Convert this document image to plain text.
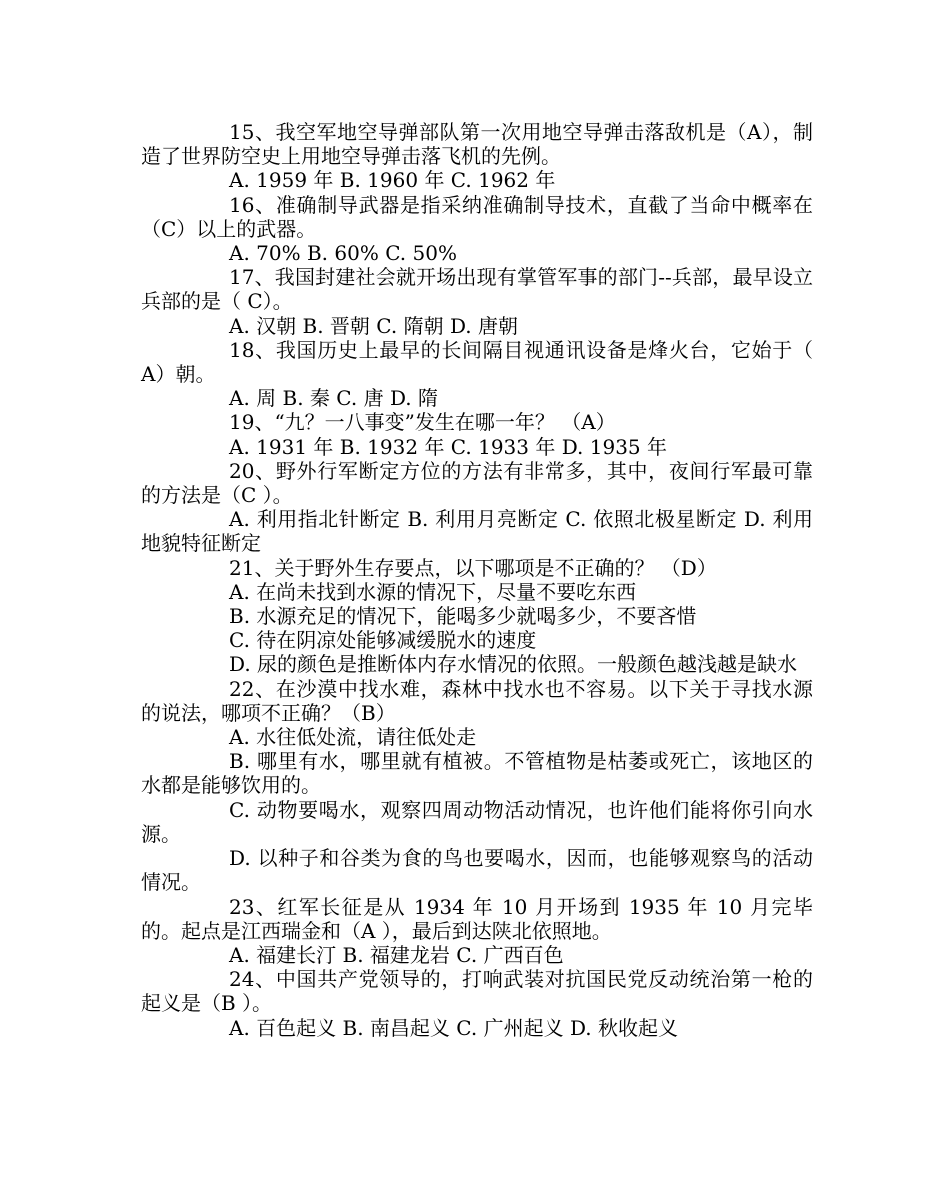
15、我空军地空导弹部队第一次用地空导弹击落敌机是（A），制造了世界防空史上用地空导弹击落飞机的先例。

A. 1959 年 B. 1960 年 C. 1962 年

16、准确制导武器是指采纳准确制导技术，直截了当命中概率在（C）以上的武器。

A. 70% B. 60% C. 50%

17、我国封建社会就开场出现有掌管军事的部门--兵部，最早设立兵部的是（ C）。

A. 汉朝 B. 晋朝 C. 隋朝 D. 唐朝

18、我国历史上最早的长间隔目视通讯设备是烽火台，它始于（ A）朝。

A. 周 B. 秦 C. 唐 D. 隋

19、“九？一八事变”发生在哪一年？ （A）

A. 1931 年 B. 1932 年 C. 1933 年 D. 1935 年

20、野外行军断定方位的方法有非常多，其中，夜间行军最可靠的方法是（C ）。

A. 利用指北针断定 B. 利用月亮断定 C. 依照北极星断定 D. 利用地貌特征断定

21、关于野外生存要点，以下哪项是不正确的？ （D）

A. 在尚未找到水源的情况下，尽量不要吃东西

B. 水源充足的情况下，能喝多少就喝多少，不要吝惜

C. 待在阴凉处能够减缓脱水的速度

D. 尿的颜色是推断体内存水情况的依照。一般颜色越浅越是缺水

22、在沙漠中找水难，森林中找水也不容易。以下关于寻找水源的说法，哪项不正确？（B）

A. 水往低处流，请往低处走

B. 哪里有水，哪里就有植被。不管植物是枯萎或死亡，该地区的水都是能够饮用的。

C. 动物要喝水，观察四周动物活动情况，也许他们能将你引向水源。

D. 以种子和谷类为食的鸟也要喝水，因而，也能够观察鸟的活动情况。

23、红军长征是从 1934 年 10 月开场到 1935 年 10 月完毕的。起点是江西瑞金和（A ），最后到达陕北依照地。

A. 福建长汀 B. 福建龙岩 C. 广西百色

24、中国共产党领导的，打响武装对抗国民党反动统治第一枪的起义是（B ）。

A. 百色起义 B. 南昌起义 C. 广州起义 D. 秋收起义
